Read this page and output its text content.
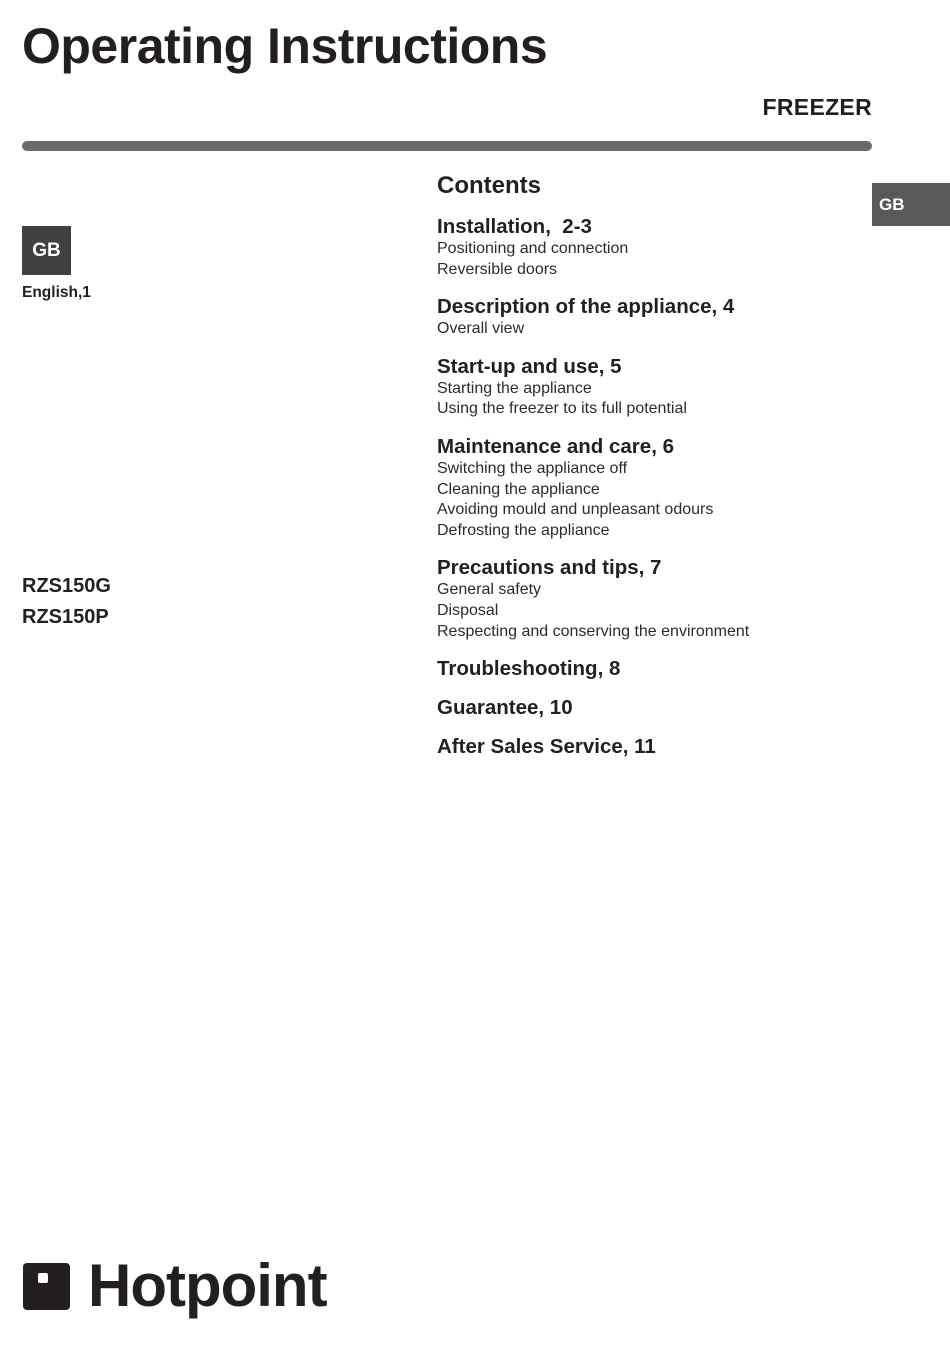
Operating Instructions
FREEZER
GB
GB
English,1
RZS150G
RZS150P
Contents
Installation,  2-3
Positioning and connection
Reversible doors
Description of the appliance, 4
Overall view
Start-up and use, 5
Starting the appliance
Using the freezer to its full potential
Maintenance and care, 6
Switching the appliance off
Cleaning the appliance
Avoiding mould and unpleasant odours
Defrosting the appliance
Precautions and tips, 7
General safety
Disposal
Respecting and conserving the environment
Troubleshooting, 8
Guarantee, 10
After Sales Service, 11
Hotpoint
